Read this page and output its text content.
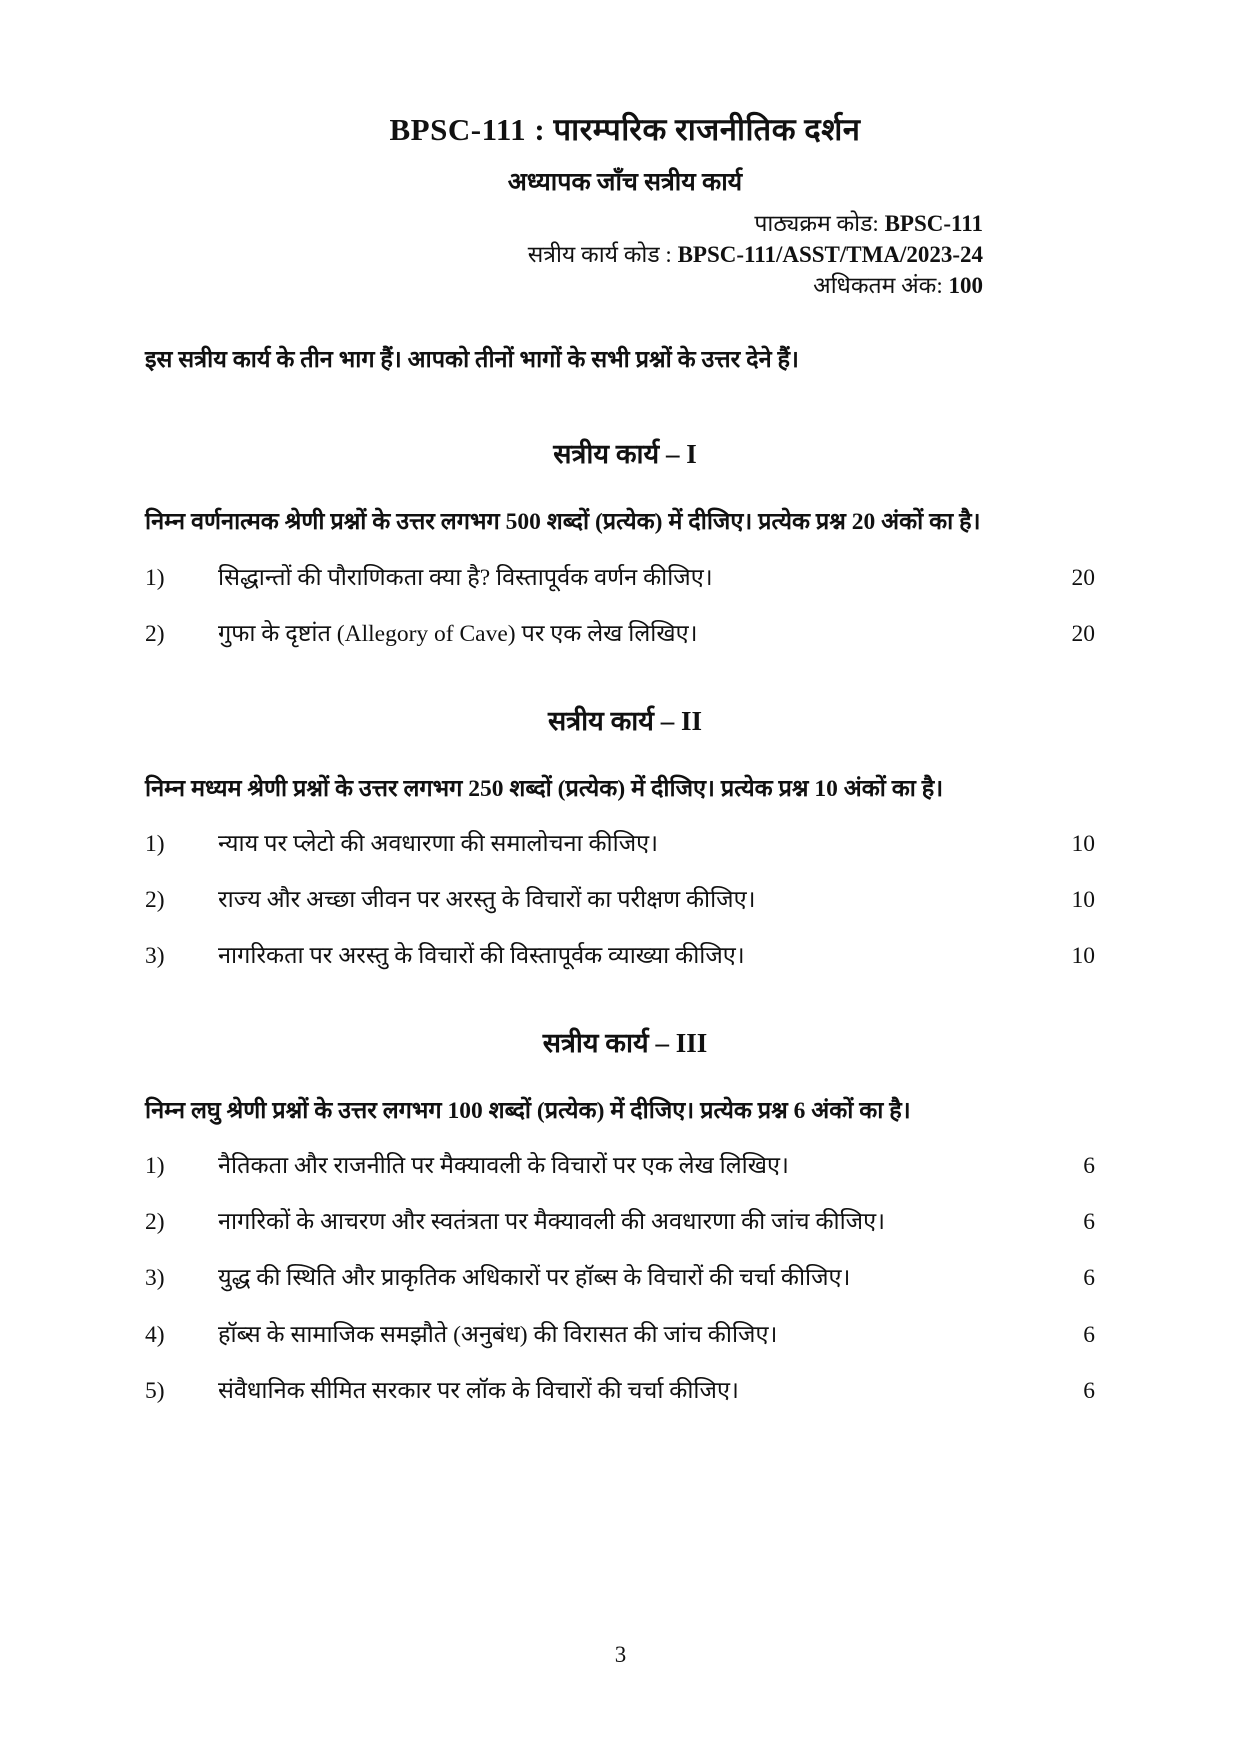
BPSC-111 : पारम्परिक राजनीतिक दर्शन
अध्यापक जाँच सत्रीय कार्य
पाठ्यक्रम कोड: BPSC-111
सत्रीय कार्य कोड : BPSC-111/ASST/TMA/2023-24
अधिकतम अंक: 100

इस सत्रीय कार्य के तीन भाग हैं। आपको तीनों भागों के सभी प्रश्नों के उत्तर देने हैं।

सत्रीय कार्य – I

निम्न वर्णनात्मक श्रेणी प्रश्नों के उत्तर लगभग 500 शब्दों (प्रत्येक) में दीजिए। प्रत्येक प्रश्न 20 अंकों का है।

1)	सिद्धान्तों की पौराणिकता क्या है? विस्तापूर्वक वर्णन कीजिए।	20
2)	गुफा के दृष्टांत (Allegory of Cave) पर एक लेख लिखिए।	20
सत्रीय कार्य – II

निम्न मध्यम श्रेणी प्रश्नों के उत्तर लगभग 250 शब्दों (प्रत्येक) में दीजिए। प्रत्येक प्रश्न 10 अंकों का है।

1)	न्याय पर प्लेटो की अवधारणा की समालोचना कीजिए।	10
2)	राज्य और अच्छा जीवन पर अरस्तु के विचारों का परीक्षण कीजिए।	10
3)	नागरिकता पर अरस्तु के विचारों की विस्तापूर्वक व्याख्या कीजिए।	10
सत्रीय कार्य – III

निम्न लघु श्रेणी प्रश्नों के उत्तर लगभग 100 शब्दों (प्रत्येक) में दीजिए। प्रत्येक प्रश्न 6 अंकों का है।

1)	नैतिकता और राजनीति पर मैक्यावली के विचारों पर एक लेख लिखिए।	6
2)	नागरिकों के आचरण और स्वतंत्रता पर मैक्यावली की अवधारणा की जांच कीजिए।	6
3)	युद्ध की स्थिति और प्राकृतिक अधिकारों पर हॉब्स के विचारों की चर्चा कीजिए।	6
4)	हॉब्स के सामाजिक समझौते (अनुबंध) की विरासत की जांच कीजिए।	6
5)	संवैधानिक सीमित सरकार पर लॉक के विचारों की चर्चा कीजिए।	6
3
